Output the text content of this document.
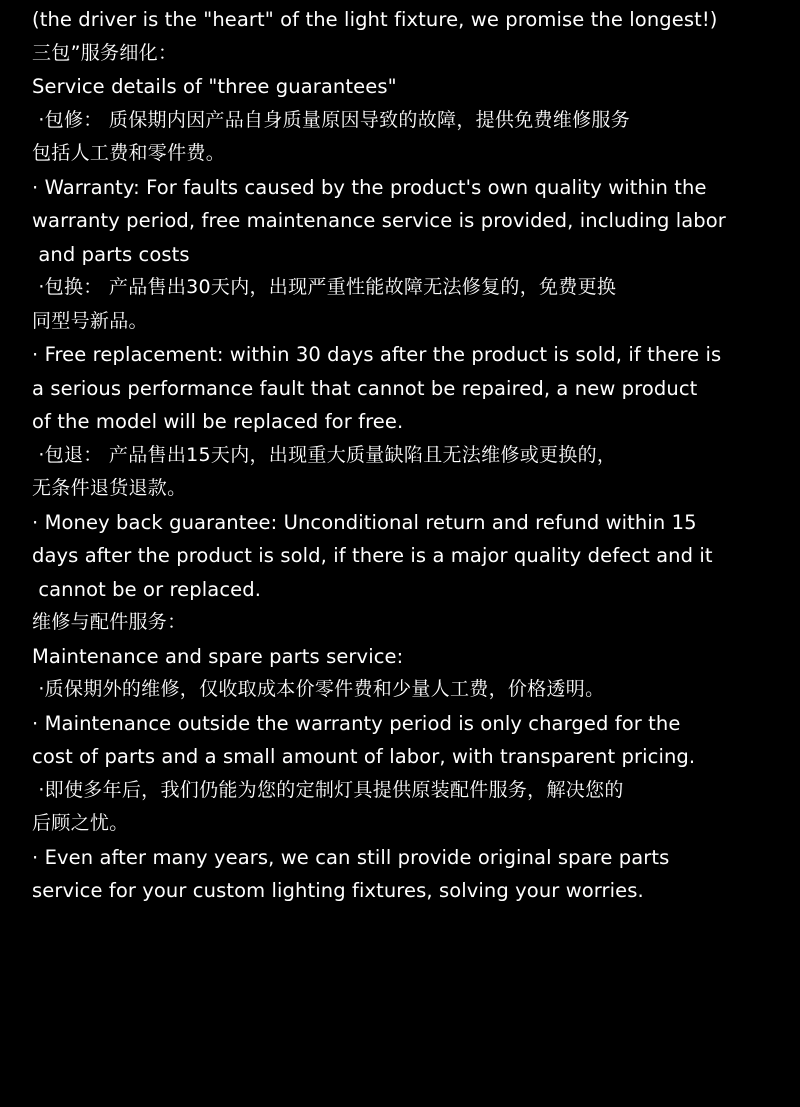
(the driver is the "heart" of the light fixture, we promise the longest!)
三包”服务细化：
Service details of "three guarantees"
·包修： 质保期内因产品自身质量原因导致的故障，提供免费维修服务
包括人工费和零件费。
· Warranty: For faults caused by the product's own quality within the
warranty period, free maintenance service is provided, including labor
and parts costs
·包换： 产品售出30天内，出现严重性能故障无法修复的，免费更换
同型号新品。
· Free replacement: within 30 days after the product is sold, if there is
a serious performance fault that cannot be repaired, a new product
of the model will be replaced for free.
·包退： 产品售出15天内，出现重大质量缺陷且无法维修或更换的，
无条件退货退款。
· Money back guarantee: Unconditional return and refund within 15
days after the product is sold, if there is a major quality defect and it
cannot be or replaced.
维修与配件服务：
Maintenance and spare parts service:
·质保期外的维修，仅收取成本价零件费和少量人工费，价格透明。
· Maintenance outside the warranty period is only charged for the
cost of parts and a small amount of labor, with transparent pricing.
·即使多年后，我们仍能为您的定制灯具提供原装配件服务，解决您的
后顾之忧。
· Even after many years, we can still provide original spare parts
service for your custom lighting fixtures, solving your worries.
